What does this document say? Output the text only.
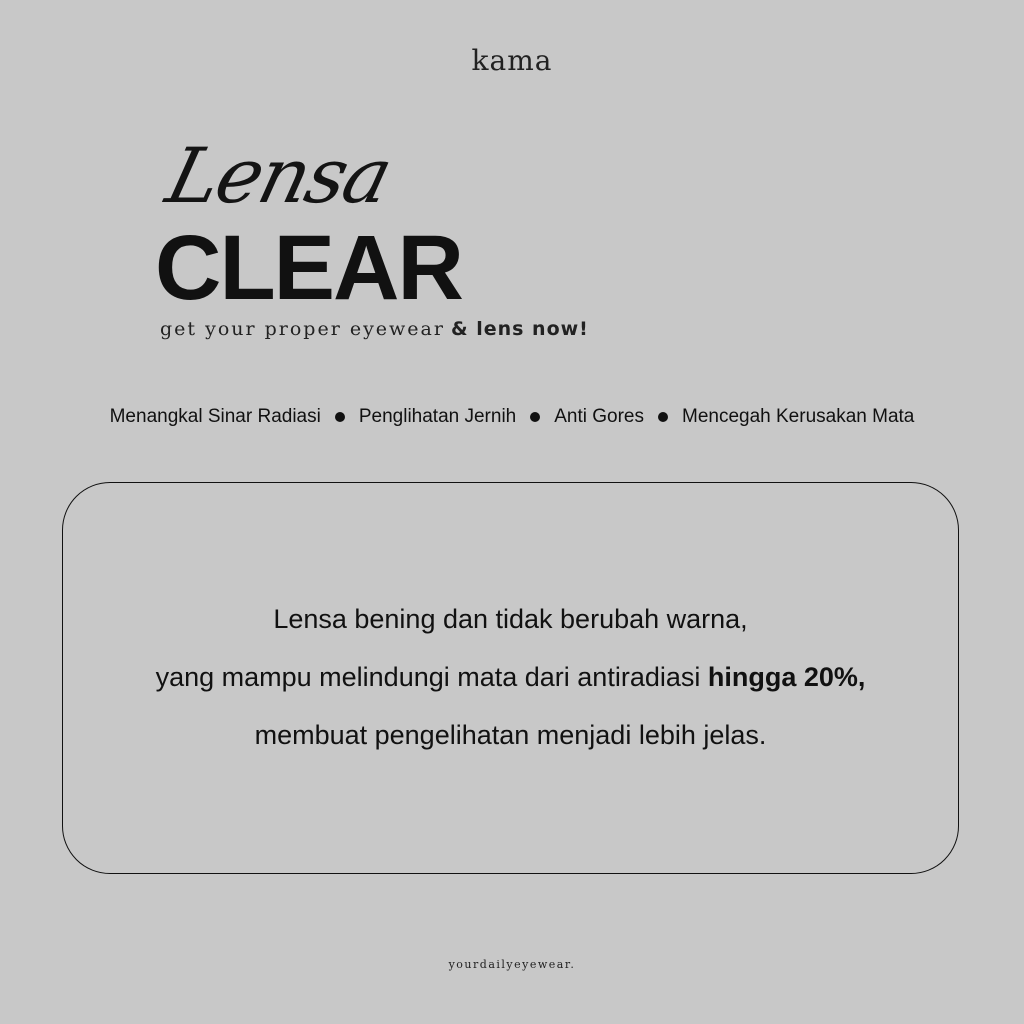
kama
Lensa
CLEAR
get your proper eyewear & lens now!
Menangkal Sinar Radiasi Penglihatan Jernih Anti Gores Mencegah Kerusakan Mata
Lensa bening dan tidak berubah warna,
yang mampu melindungi mata dari antiradiasi hingga 20%,
membuat pengelihatan menjadi lebih jelas.
yourdailyeyewear.
